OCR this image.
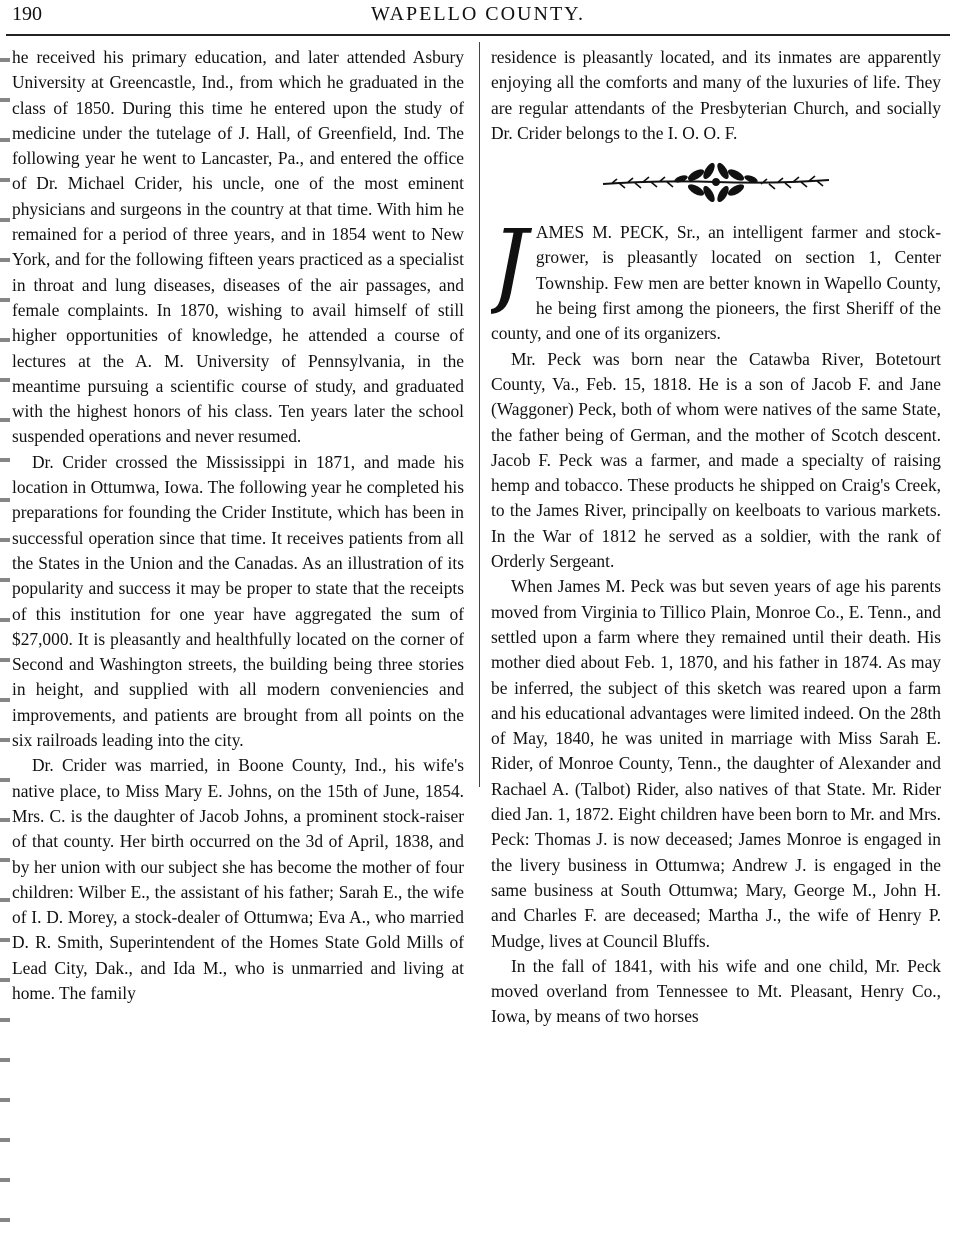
190	WAPELLO COUNTY.

he received his primary education, and later attended Asbury University at Greencastle, Ind., from which he graduated in the class of 1850. During this time he entered upon the study of medicine under the tutelage of J. Hall, of Greenfield, Ind. The following year he went to Lancaster, Pa., and entered the office of Dr. Michael Crider, his uncle, one of the most eminent physicians and surgeons in the country at that time. With him he remained for a period of three years, and in 1854 went to New York, and for the following fifteen years practiced as a specialist in throat and lung diseases, diseases of the air passages, and female complaints. In 1870, wishing to avail himself of still higher opportunities of knowledge, he attended a course of lectures at the A. M. University of Pennsylvania, in the meantime pursuing a scientific course of study, and graduated with the highest honors of his class. Ten years later the school suspended operations and never resumed.

Dr. Crider crossed the Mississippi in 1871, and made his location in Ottumwa, Iowa. The following year he completed his preparations for founding the Crider Institute, which has been in successful operation since that time. It receives patients from all the States in the Union and the Canadas. As an illustration of its popularity and success it may be proper to state that the receipts of this institution for one year have aggregated the sum of $27,000. It is pleasantly and healthfully located on the corner of Second and Washington streets, the building being three stories in height, and supplied with all modern conveniencies and improvements, and patients are brought from all points on the six railroads leading into the city.

Dr. Crider was married, in Boone County, Ind., his wife's native place, to Miss Mary E. Johns, on the 15th of June, 1854. Mrs. C. is the daughter of Jacob Johns, a prominent stock-raiser of that county. Her birth occurred on the 3d of April, 1838, and by her union with our subject she has become the mother of four children: Wilber E., the assistant of his father; Sarah E., the wife of I. D. Morey, a stock-dealer of Ottumwa; Eva A., who married D. R. Smith, Superintendent of the Homes State Gold Mills of Lead City, Dak., and Ida M., who is unmarried and living at home. The family

residence is pleasantly located, and its inmates are apparently enjoying all the comforts and many of the luxuries of life. They are regular attendants of the Presbyterian Church, and socially Dr. Crider belongs to the I. O. O. F.

JAMES M. PECK, Sr., an intelligent farmer and stock-grower, is pleasantly located on section 1, Center Township. Few men are better known in Wapello County, he being first among the pioneers, the first Sheriff of the county, and one of its organizers.

Mr. Peck was born near the Catawba River, Botetourt County, Va., Feb. 15, 1818. He is a son of Jacob F. and Jane (Waggoner) Peck, both of whom were natives of the same State, the father being of German, and the mother of Scotch descent. Jacob F. Peck was a farmer, and made a specialty of raising hemp and tobacco. These products he shipped on Craig's Creek, to the James River, principally on keelboats to various markets. In the War of 1812 he served as a soldier, with the rank of Orderly Sergeant.

When James M. Peck was but seven years of age his parents moved from Virginia to Tillico Plain, Monroe Co., E. Tenn., and settled upon a farm where they remained until their death. His mother died about Feb. 1, 1870, and his father in 1874. As may be inferred, the subject of this sketch was reared upon a farm and his educational advantages were limited indeed. On the 28th of May, 1840, he was united in marriage with Miss Sarah E. Rider, of Monroe County, Tenn., the daughter of Alexander and Rachael A. (Talbot) Rider, also natives of that State. Mr. Rider died Jan. 1, 1872. Eight children have been born to Mr. and Mrs. Peck: Thomas J. is now deceased; James Monroe is engaged in the livery business in Ottumwa; Andrew J. is engaged in the same business at South Ottumwa; Mary, George M., John H. and Charles F. are deceased; Martha J., the wife of Henry P. Mudge, lives at Council Bluffs.

In the fall of 1841, with his wife and one child, Mr. Peck moved overland from Tennessee to Mt. Pleasant, Henry Co., Iowa, by means of two horses
